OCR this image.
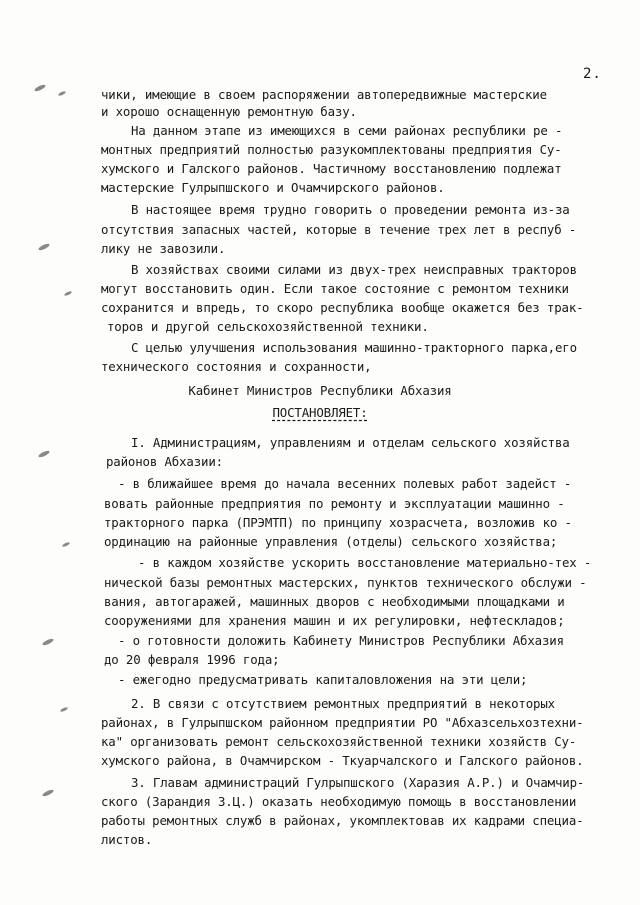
2.
чики, имеющие в своем распоряжении автопередвижные мастерские
и хорошо оснащенную ремонтную базу.
На данном этапе из имеющихся в семи районах республики ре -
монтных предприятий полностью разукомплектованы предприятия Су-
хумского и Галского районов. Частичному восстановлению подлежат
мастерские Гулрыпшского и Очамчирского районов.
В настоящее время трудно говорить о проведении ремонта из-за
отсутствия запасных частей, которые в течение трех лет в респуб -
лику не завозили.
В хозяйствах своими силами из двух-трех неисправных тракторов
могут восстановить один. Если такое состояние с ремонтом техники
сохранится и впредь, то скоро республика вообще окажется без трак-
торов и другой сельскохозяйственной техники.
С целью улучшения использования машинно-тракторного парка,его
технического состояния и сохранности,
Кабинет Министров Республики Абхазия
ПОСТАНОВЛЯЕТ:
I. Администрациям, управлениям и отделам сельского хозяйства
районов Абхазии:
- в ближайшее время до начала весенних полевых работ задейст -
вовать районные предприятия по ремонту и эксплуатации машинно -
тракторного парка (ПРЭМТП) по принципу хозрасчета, возложив ко -
ординацию на районные управления (отделы) сельского хозяйства;
- в каждом хозяйстве ускорить восстановление материально-тех -
нической базы ремонтных мастерских, пунктов технического обслужи -
вания, автогаражей, машинных дворов с необходимыми площадками и
сооружениями для хранения машин и их регулировки, нефтескладов;
- о готовности доложить Кабинету Министров Республики Абхазия
до 20 февраля 1996 года;
- ежегодно предусматривать капиталовложения на эти цели;
2. В связи с отсутствием ремонтных предприятий в некоторых
районах, в Гулрыпшском районном предприятии РО "Абхазсельхозтехни-
ка" организовать ремонт сельскохозяйственной техники хозяйств Су-
хумского района, в Очамчирском - Ткуарчалского и Галского районов.
3. Главам администраций Гулрыпшского (Харазия А.Р.) и Очамчир-
ского (Зарандия З.Ц.) оказать необходимую помощь в восстановлении
работы ремонтных служб в районах, укомплектовав их кадрами специа-
листов.
